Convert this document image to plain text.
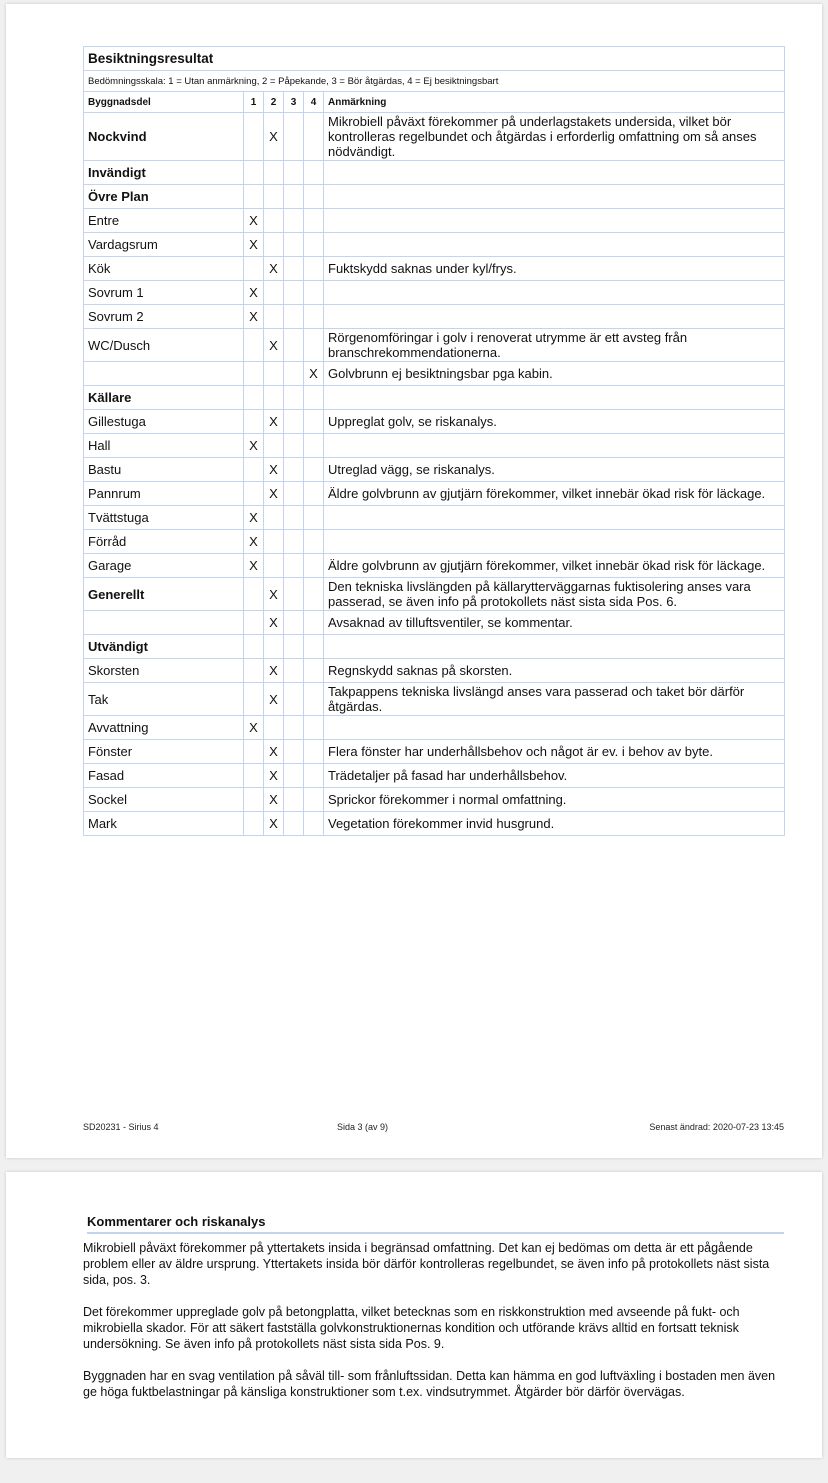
Besiktningsresultat					
Bedömningsskala: 1 = Utan anmärkning, 2 = Påpekande, 3 = Bör åtgärdas, 4 = Ej besiktningsbart					
Byggnadsdel	1	2	3	4	Anmärkning
Nockvind		X			Mikrobiell påväxt förekommer på underlagstakets undersida, vilket bör kontrolleras regelbundet och åtgärdas i erforderlig omfattning om så anses nödvändigt.
Invändigt					
Övre Plan					
Entre	X				
Vardagsrum	X				
Kök		X			Fuktskydd saknas under kyl/frys.
Sovrum 1	X				
Sovrum 2	X				
WC/Dusch		X			Rörgenomföringar i golv i renoverat utrymme är ett avsteg från branschrekommendationerna.
				X	Golvbrunn ej besiktningsbar pga kabin.
Källare					
Gillestuga		X			Uppreglat golv, se riskanalys.
Hall	X				
Bastu		X			Utreglad vägg, se riskanalys.
Pannrum		X			Äldre golvbrunn av gjutjärn förekommer, vilket innebär ökad risk för läckage.
Tvättstuga	X				
Förråd	X				
Garage	X				Äldre golvbrunn av gjutjärn förekommer, vilket innebär ökad risk för läckage.
Generellt		X			Den tekniska livslängden på källarytterväggarnas fuktisolering anses vara passerad, se även info på protokollets näst sista sida Pos. 6.
		X			Avsaknad av tilluftsventiler, se kommentar.
Utvändigt					
Skorsten		X			Regnskydd saknas på skorsten.
Tak		X			Takpappens tekniska livslängd anses vara passerad och taket bör därför åtgärdas.
Avvattning	X				
Fönster		X			Flera fönster har underhållsbehov och något är ev. i behov av byte.
Fasad		X			Trädetaljer på fasad har underhållsbehov.
Sockel		X			Sprickor förekommer i normal omfattning.
Mark		X			Vegetation förekommer invid husgrund.
SD20231 - Sirius 4	Sida 3 (av 9)	Senast ändrad: 2020-07-23 13:45
Kommentarer och riskanalys

Mikrobiell påväxt förekommer på yttertakets insida i begränsad omfattning. Det kan ej bedömas om detta är ett pågående problem eller av äldre ursprung. Yttertakets insida bör därför kontrolleras regelbundet, se även info på protokollets näst sista sida, pos. 3.

Det förekommer uppreglade golv på betongplatta, vilket betecknas som en riskkonstruktion med avseende på fukt- och mikrobiella skador. För att säkert fastställa golvkonstruktionernas kondition och utförande krävs alltid en fortsatt teknisk undersökning. Se även info på protokollets näst sista sida Pos. 9.

Byggnaden har en svag ventilation på såväl till- som frånluftssidan. Detta kan hämma en god luftväxling i bostaden men även ge höga fuktbelastningar på känsliga konstruktioner som t.ex. vindsutrymmet. Åtgärder bör därför övervägas.
